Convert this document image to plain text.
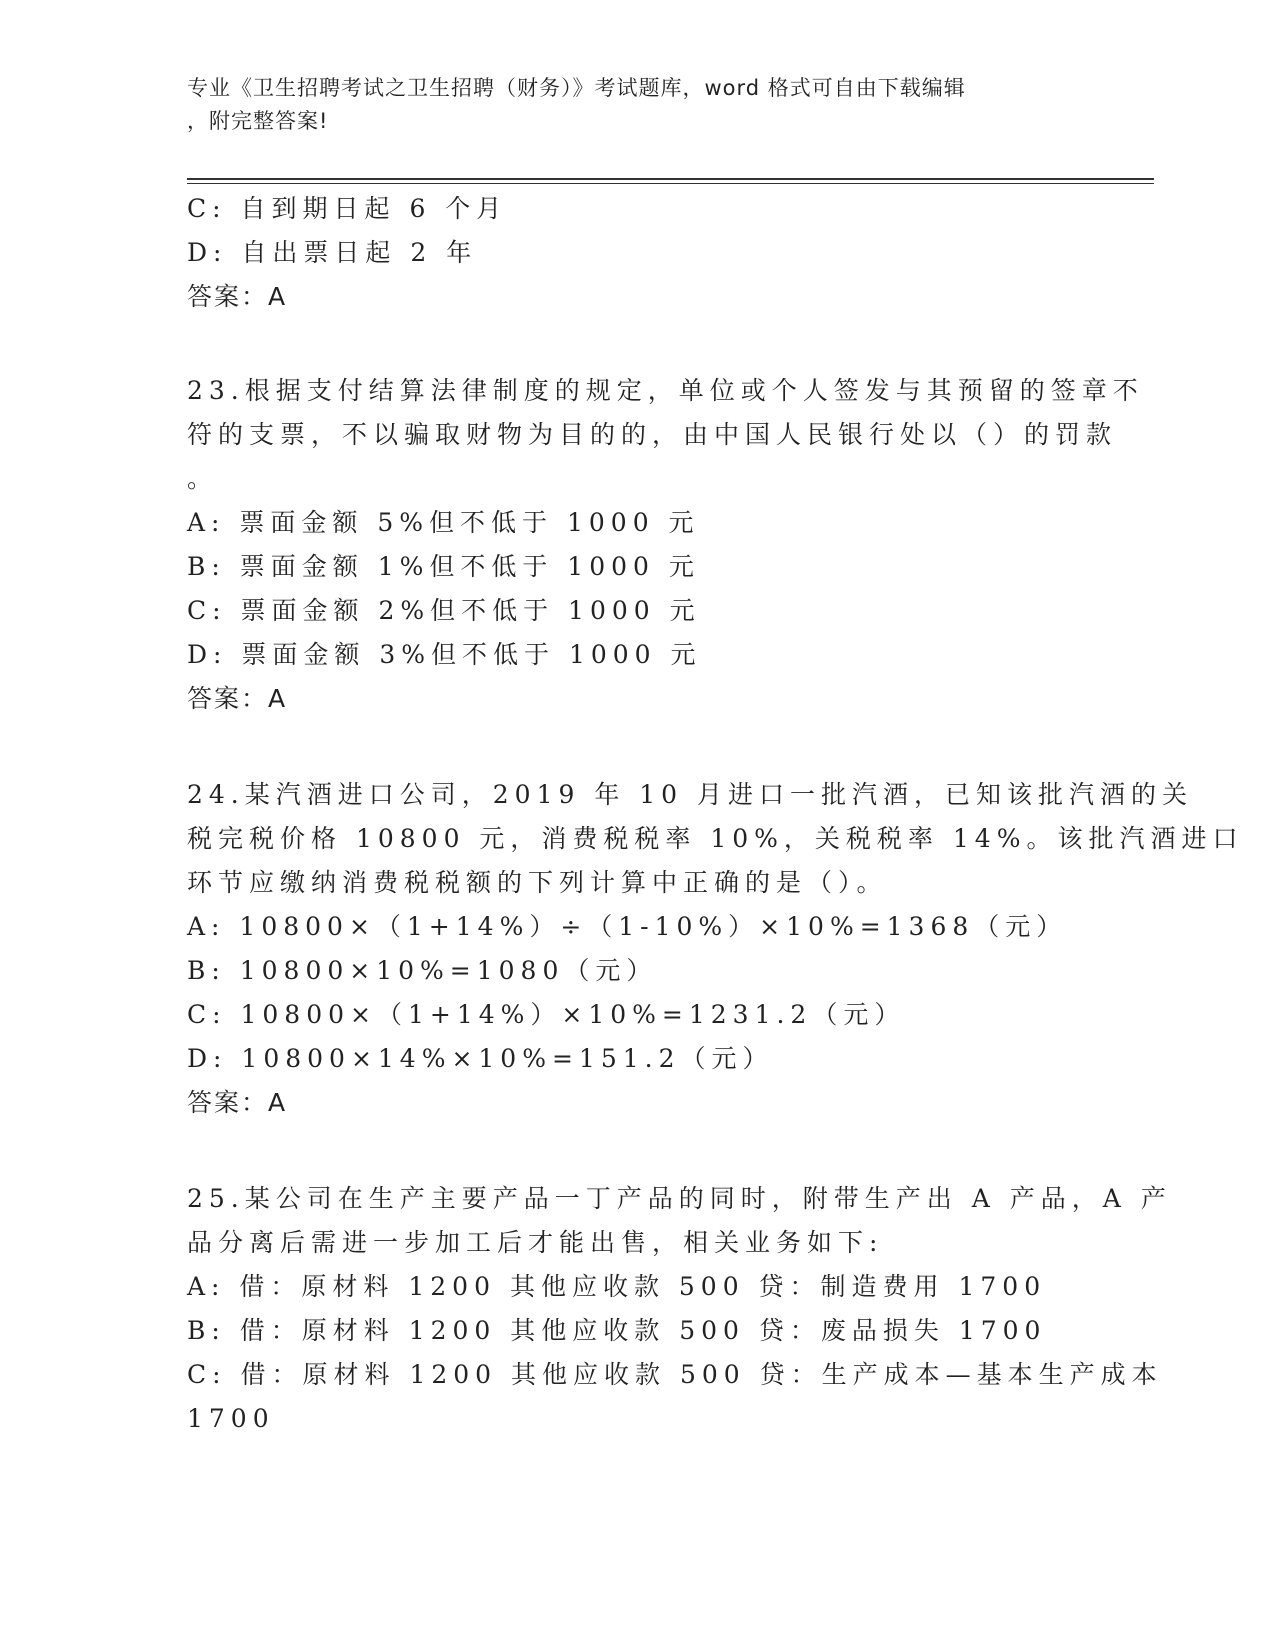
专业《卫生招聘考试之卫生招聘（财务）》考试题库，word 格式可自由下载编辑
，附完整答案!
C: 自到期日起 6 个月
D: 自出票日起 2 年
答案：A
23.根据支付结算法律制度的规定，单位或个人签发与其预留的签章不
符的支票，不以骗取财物为目的的，由中国人民银行处以（）的罚款
。
A: 票面金额 5%但不低于 1000 元
B: 票面金额 1%但不低于 1000 元
C: 票面金额 2%但不低于 1000 元
D: 票面金额 3%但不低于 1000 元
答案：A
24.某汽酒进口公司，2019 年 10 月进口一批汽酒，已知该批汽酒的关
税完税价格 10800 元，消费税税率 10%，关税税率 14%。该批汽酒进口
环节应缴纳消费税税额的下列计算中正确的是（）。
A: 10800×（1+14%）÷（1-10%）×10%=1368（元）
B: 10800×10%=1080（元）
C: 10800×（1+14%）×10%=1231.2（元）
D: 10800×14%×10%=151.2（元）
答案：A
25.某公司在生产主要产品一丁产品的同时，附带生产出 A 产品，A 产
品分离后需进一步加工后才能出售，相关业务如下:
A: 借：原材料 1200 其他应收款 500 贷：制造费用 1700
B: 借：原材料 1200 其他应收款 500 贷：废品损失 1700
C: 借：原材料 1200 其他应收款 500 贷：生产成本—基本生产成本
1700
